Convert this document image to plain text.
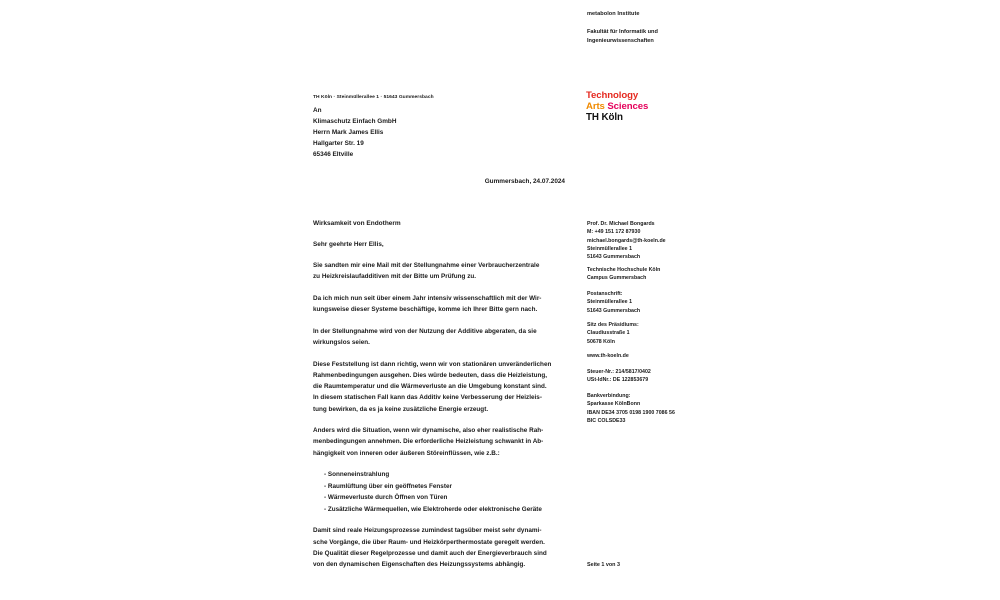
metabolon Institute
Fakultät für Informatik und
Ingenieurwissenschaften
Technology
Arts Sciences
TH Köln
TH Köln · Steinmüllerallee 1 · 51643 Gummersbach
An
Klimaschutz Einfach GmbH
Herrn Mark James Ellis
Hallgarter Str. 19
65346 Eltville
Gummersbach, 24.07.2024
Wirksamkeit von Endotherm
Sehr geehrte Herr Ellis,
Sie sandten mir eine Mail mit der Stellungnahme einer Verbraucherzentrale
zu Heizkreislaufadditiven mit der Bitte um Prüfung zu.
Da ich mich nun seit über einem Jahr intensiv wissenschaftlich mit der Wir-
kungsweise dieser Systeme beschäftige, komme ich Ihrer Bitte gern nach.
In der Stellungnahme wird von der Nutzung der Additive abgeraten, da sie
wirkungslos seien.
Diese Feststellung ist dann richtig, wenn wir von stationären unveränderlichen
Rahmenbedingungen ausgehen. Dies würde bedeuten, dass die Heizleistung,
die Raumtemperatur und die Wärmeverluste an die Umgebung konstant sind.
In diesem statischen Fall kann das Additiv keine Verbesserung der Heizleis-
tung bewirken, da es ja keine zusätzliche Energie erzeugt.
Anders wird die Situation, wenn wir dynamische, also eher realistische Rah-
menbedingungen annehmen. Die erforderliche Heizleistung schwankt in Ab-
hängigkeit von inneren oder äußeren Störeinflüssen, wie z.B.:
- Sonneneinstrahlung
- Raumlüftung über ein geöffnetes Fenster
- Wärmeverluste durch Öffnen von Türen
- Zusätzliche Wärmequellen, wie Elektroherde oder elektronische Geräte
Damit sind reale Heizungsprozesse zumindest tagsüber meist sehr dynami-
sche Vorgänge, die über Raum- und Heizkörperthermostate geregelt werden.
Die Qualität dieser Regelprozesse und damit auch der Energieverbrauch sind
von den dynamischen Eigenschaften des Heizungssystems abhängig.
Prof. Dr. Michael Bongards
M: +49 151 172 87930
michael.bongards@th-koeln.de
Steinmüllerallee 1
51643 Gummersbach
Technische Hochschule Köln
Campus Gummersbach
Postanschrift:
Steinmüllerallee 1
51643 Gummersbach
Sitz des Präsidiums:
Claudiusstraße 1
50678 Köln
www.th-koeln.de
Steuer-Nr.: 214/5817/0402
USt-IdNr.: DE 122853679
Bankverbindung:
Sparkasse KölnBonn
IBAN DE34 3705 0198 1900 7086 56
BIC COLSDE33
Seite 1 von 3
